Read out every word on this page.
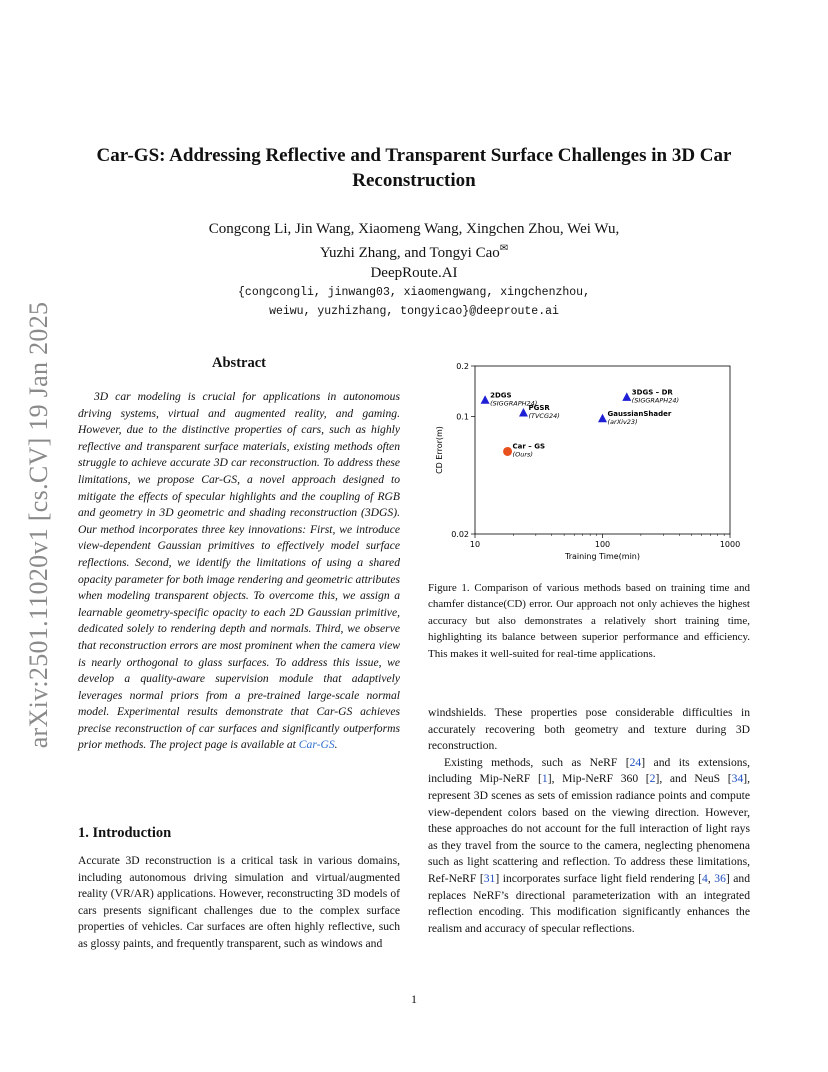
arXiv:2501.11020v1 [cs.CV] 19 Jan 2025
Car-GS: Addressing Reflective and Transparent Surface Challenges in 3D Car
Reconstruction
Congcong Li, Jin Wang, Xiaomeng Wang, Xingchen Zhou, Wei Wu,
Yuzhi Zhang, and Tongyi Cao✉
DeepRoute.AI
{congcongli, jinwang03, xiaomengwang, xingchenzhou,
weiwu, yuzhizhang, tongyicao}@deeproute.ai
Abstract
3D car modeling is crucial for applications in autonomous driving systems, virtual and augmented reality, and gaming. However, due to the distinctive properties of cars, such as highly reflective and transparent surface materials, existing methods often struggle to achieve accurate 3D car reconstruction. To address these limitations, we propose Car-GS, a novel approach designed to mitigate the effects of specular highlights and the coupling of RGB and geometry in 3D geometric and shading reconstruction (3DGS). Our method incorporates three key innovations: First, we introduce view-dependent Gaussian primitives to effectively model surface reflections. Second, we identify the limitations of using a shared opacity parameter for both image rendering and geometric attributes when modeling transparent objects. To overcome this, we assign a learnable geometry-specific opacity to each 2D Gaussian primitive, dedicated solely to rendering depth and normals. Third, we observe that reconstruction errors are most prominent when the camera view is nearly orthogonal to glass surfaces. To address this issue, we develop a quality-aware supervision module that adaptively leverages normal priors from a pre-trained large-scale normal model. Experimental results demonstrate that Car-GS achieves precise reconstruction of car surfaces and significantly outperforms prior methods. The project page is available at Car-GS.
1. Introduction
Accurate 3D reconstruction is a critical task in various domains, including autonomous driving simulation and virtual/augmented reality (VR/AR) applications. However, reconstructing 3D models of cars presents significant challenges due to the complex surface properties of vehicles. Car surfaces are often highly reflective, such as glossy paints, and frequently transparent, such as windows and
10	100	1000
0.2
0.1
0.02
Training Time(min)
CD Error(m)
2DGS
(SIGGRAPH24)
PGSR
(TVCG24)
3DGS – DR
(SIGGRAPH24)
GaussianShader
(arXiv23)
Car – GS
(Ours)
Figure 1. Comparison of various methods based on training time and chamfer distance(CD) error. Our approach not only achieves the highest accuracy but also demonstrates a relatively short training time, highlighting its balance between superior performance and efficiency. This makes it well-suited for real-time applications.

windshields. These properties pose considerable difficulties in accurately recovering both geometry and texture during 3D reconstruction.

Existing methods, such as NeRF [24] and its extensions, including Mip-NeRF [1], Mip-NeRF 360 [2], and NeuS [34], represent 3D scenes as sets of emission radiance points and compute view-dependent colors based on the viewing direction. However, these approaches do not account for the full interaction of light rays as they travel from the source to the camera, neglecting phenomena such as light scattering and reflection. To address these limitations, Ref-NeRF [31] incorporates surface light field rendering [4, 36] and replaces NeRF’s directional parameterization with an integrated reflection encoding. This modification significantly enhances the realism and accuracy of specular reflections.

1
